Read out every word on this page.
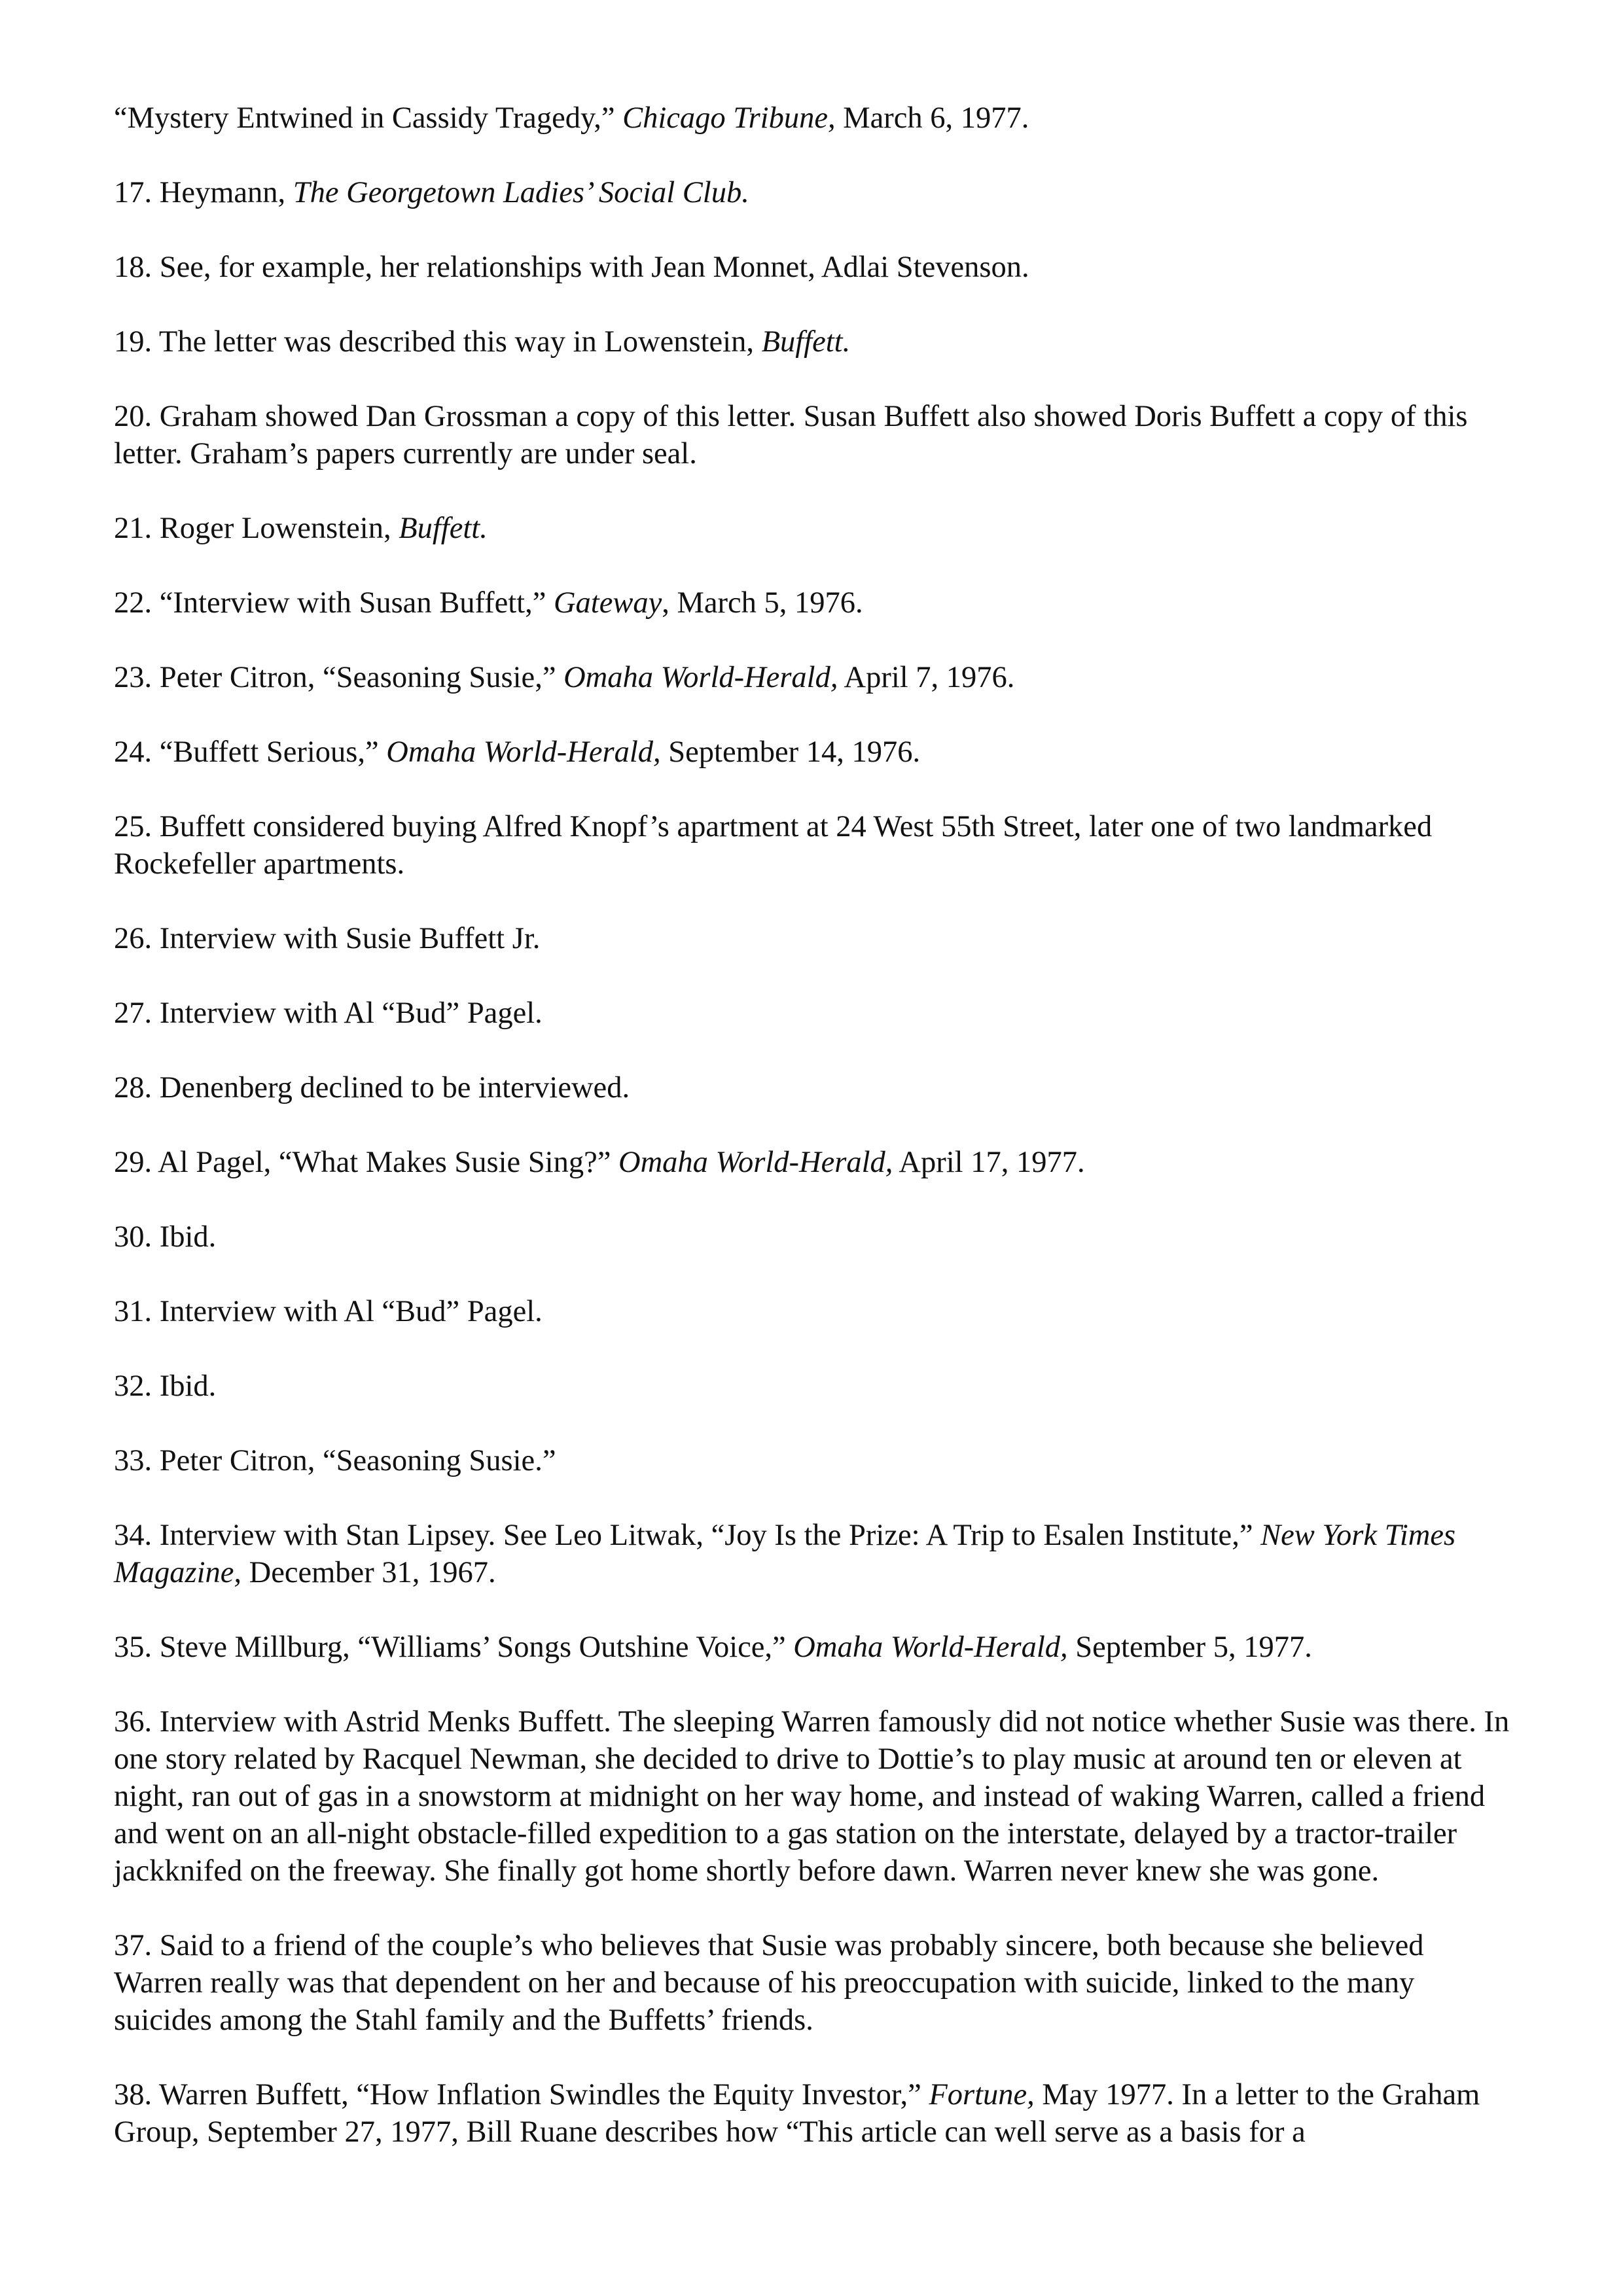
“Mystery Entwined in Cassidy Tragedy,” Chicago Tribune, March 6, 1977.

17. Heymann, The Georgetown Ladies’ Social Club.

18. See, for example, her relationships with Jean Monnet, Adlai Stevenson.

19. The letter was described this way in Lowenstein, Buffett.

20. Graham showed Dan Grossman a copy of this letter. Susan Buffett also showed Doris Buffett a copy of this letter. Graham’s papers currently are under seal.

21. Roger Lowenstein, Buffett.

22. “Interview with Susan Buffett,” Gateway, March 5, 1976.

23. Peter Citron, “Seasoning Susie,” Omaha World-Herald, April 7, 1976.

24. “Buffett Serious,” Omaha World-Herald, September 14, 1976.

25. Buffett considered buying Alfred Knopf’s apartment at 24 West 55th Street, later one of two landmarked Rockefeller apartments.

26. Interview with Susie Buffett Jr.

27. Interview with Al “Bud” Pagel.

28. Denenberg declined to be interviewed.

29. Al Pagel, “What Makes Susie Sing?” Omaha World-Herald, April 17, 1977.

30. Ibid.

31. Interview with Al “Bud” Pagel.

32. Ibid.

33. Peter Citron, “Seasoning Susie.”

34. Interview with Stan Lipsey. See Leo Litwak, “Joy Is the Prize: A Trip to Esalen Institute,” New York Times Magazine, December 31, 1967.

35. Steve Millburg, “Williams’ Songs Outshine Voice,” Omaha World-Herald, September 5, 1977.

36. Interview with Astrid Menks Buffett. The sleeping Warren famously did not notice whether Susie was there. In one story related by Racquel Newman, she decided to drive to Dottie’s to play music at around ten or eleven at night, ran out of gas in a snowstorm at midnight on her way home, and instead of waking Warren, called a friend and went on an all-night obstacle-filled expedition to a gas station on the interstate, delayed by a tractor-trailer jackknifed on the freeway. She finally got home shortly before dawn. Warren never knew she was gone.

37. Said to a friend of the couple’s who believes that Susie was probably sincere, both because she believed Warren really was that dependent on her and because of his preoccupation with suicide, linked to the many suicides among the Stahl family and the Buffetts’ friends.

38. Warren Buffett, “How Inflation Swindles the Equity Investor,” Fortune, May 1977. In a letter to the Graham Group, September 27, 1977, Bill Ruane describes how “This article can well serve as a basis for a
